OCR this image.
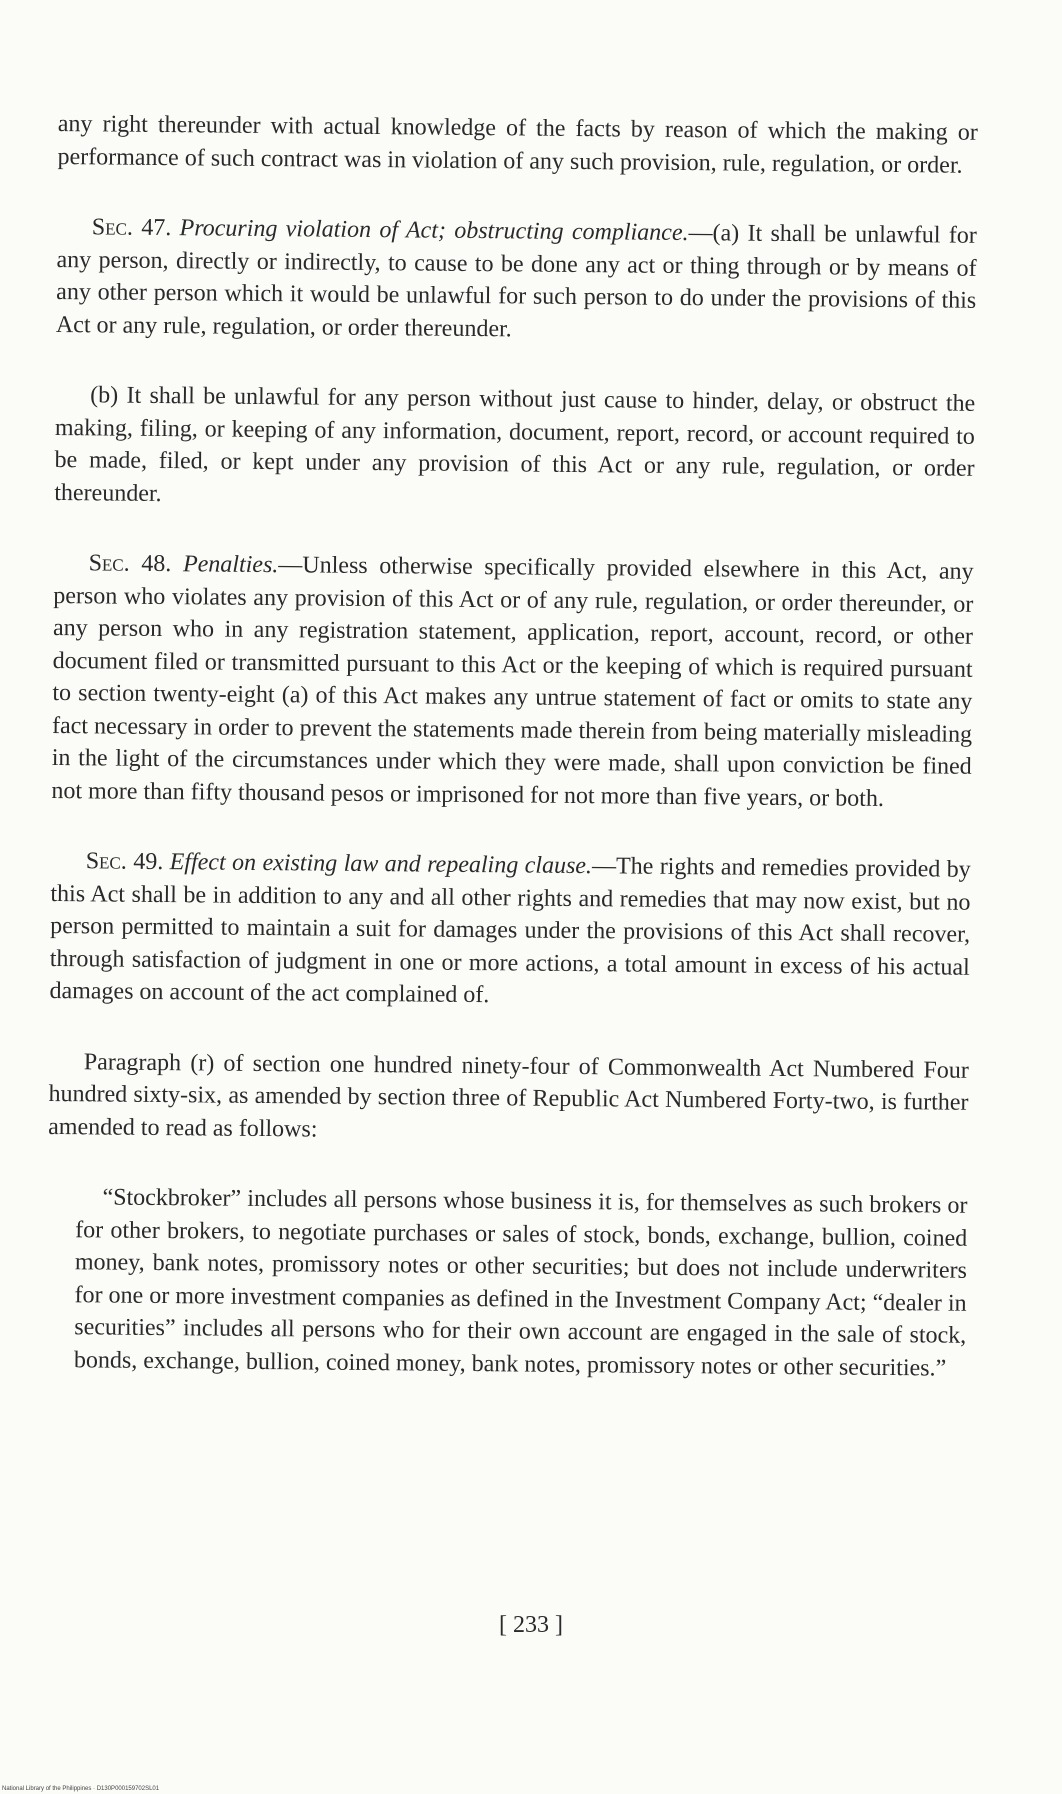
any right thereunder with actual knowledge of the facts by reason of which the making or performance of such contract was in violation of any such provision, rule, regulation, or order.

Sec. 47. Procuring violation of Act; obstructing compliance.—(a) It shall be unlawful for any person, directly or indirectly, to cause to be done any act or thing through or by means of any other person which it would be unlawful for such person to do under the provisions of this Act or any rule, regulation, or order thereunder.

(b) It shall be unlawful for any person without just cause to hinder, delay, or obstruct the making, filing, or keeping of any information, document, report, record, or account required to be made, filed, or kept under any provision of this Act or any rule, regulation, or order thereunder.

Sec. 48. Penalties.—Unless otherwise specifically provided elsewhere in this Act, any person who violates any provision of this Act or of any rule, regulation, or order thereunder, or any person who in any registration statement, application, report, account, record, or other document filed or transmitted pursuant to this Act or the keeping of which is required pursuant to section twenty-eight (a) of this Act makes any untrue statement of fact or omits to state any fact necessary in order to prevent the statements made therein from being materially misleading in the light of the circumstances under which they were made, shall upon conviction be fined not more than fifty thousand pesos or imprisoned for not more than five years, or both.

Sec. 49. Effect on existing law and repealing clause.—The rights and remedies provided by this Act shall be in addition to any and all other rights and remedies that may now exist, but no person permitted to maintain a suit for damages under the provisions of this Act shall recover, through satisfaction of judgment in one or more actions, a total amount in excess of his actual damages on account of the act complained of.

Paragraph (r) of section one hundred ninety-four of Commonwealth Act Numbered Four hundred sixty-six, as amended by section three of Republic Act Numbered Forty-two, is further amended to read as follows:

“Stockbroker” includes all persons whose business it is, for themselves as such brokers or for other brokers, to negotiate purchases or sales of stock, bonds, exchange, bullion, coined money, bank notes, promissory notes or other securities; but does not include underwriters for one or more investment companies as defined in the Investment Company Act; “dealer in securities” includes all persons who for their own account are engaged in the sale of stock, bonds, exchange, bullion, coined money, bank notes, promissory notes or other securities.”

[ 233 ]
National Library of the Philippines · D130P000159702SL01
